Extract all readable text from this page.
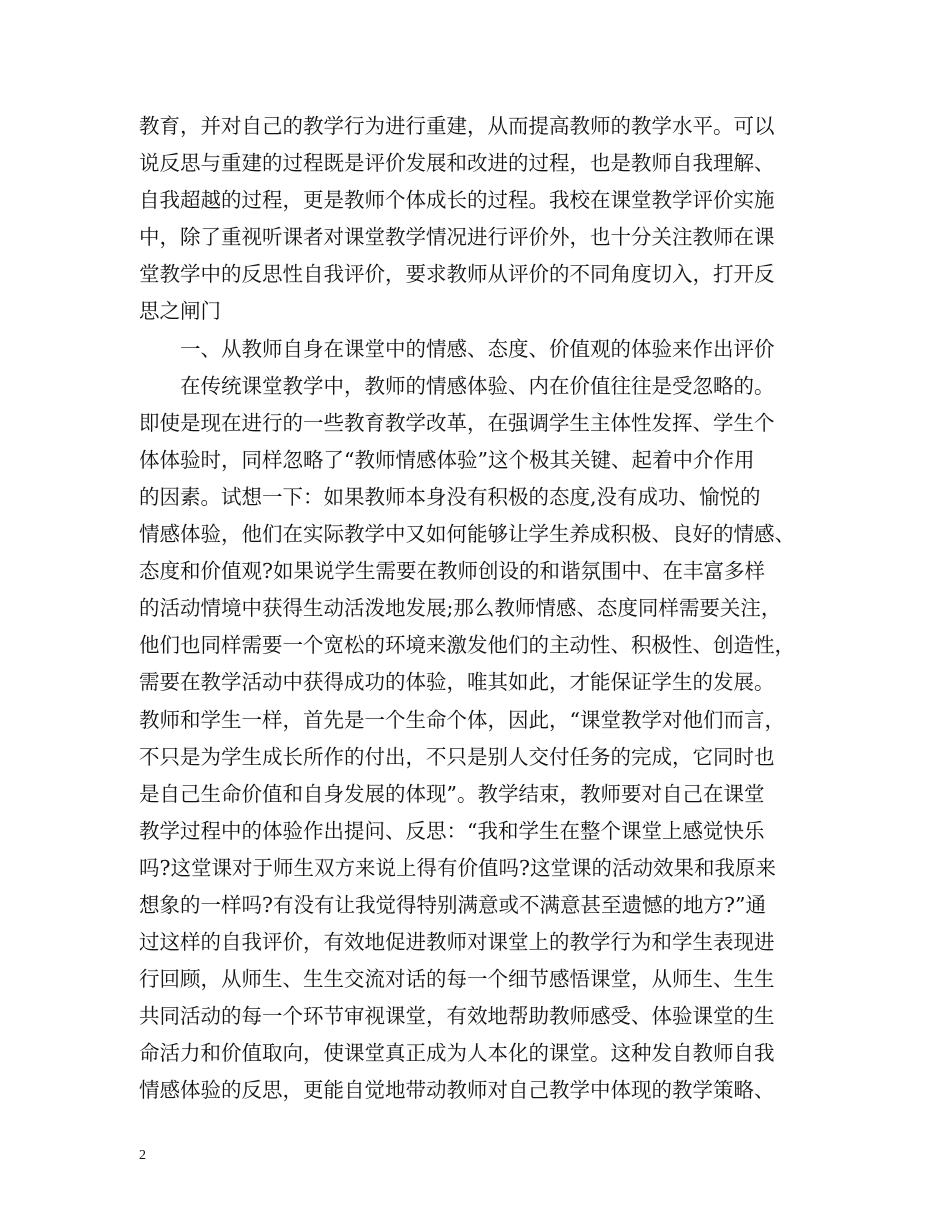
教育，并对自己的教学行为进行重建，从而提高教师的教学水平。可以
说反思与重建的过程既是评价发展和改进的过程，也是教师自我理解、
自我超越的过程，更是教师个体成长的过程。我校在课堂教学评价实施
中，除了重视听课者对课堂教学情况进行评价外，也十分关注教师在课
堂教学中的反思性自我评价，要求教师从评价的不同角度切入，打开反
思之闸门
一、从教师自身在课堂中的情感、态度、价值观的体验来作出评价
在传统课堂教学中，教师的情感体验、内在价值往往是受忽略的。
即使是现在进行的一些教育教学改革，在强调学生主体性发挥、学生个
体体验时，同样忽略了“教师情感体验”这个极其关键、起着中介作用
的因素。试想一下：如果教师本身没有积极的态度,没有成功、愉悦的
情感体验，他们在实际教学中又如何能够让学生养成积极、良好的情感、
态度和价值观?如果说学生需要在教师创设的和谐氛围中、在丰富多样
的活动情境中获得生动活泼地发展;那么教师情感、态度同样需要关注，
他们也同样需要一个宽松的环境来激发他们的主动性、积极性、创造性，
需要在教学活动中获得成功的体验，唯其如此，才能保证学生的发展。
教师和学生一样，首先是一个生命个体，因此，“课堂教学对他们而言，
不只是为学生成长所作的付出，不只是别人交付任务的完成，它同时也
是自己生命价值和自身发展的体现”。教学结束，教师要对自己在课堂
教学过程中的体验作出提问、反思：“我和学生在整个课堂上感觉快乐
吗?这堂课对于师生双方来说上得有价值吗?这堂课的活动效果和我原来
想象的一样吗?有没有让我觉得特别满意或不满意甚至遗憾的地方?”通
过这样的自我评价，有效地促进教师对课堂上的教学行为和学生表现进
行回顾，从师生、生生交流对话的每一个细节感悟课堂，从师生、生生
共同活动的每一个环节审视课堂，有效地帮助教师感受、体验课堂的生
命活力和价值取向，使课堂真正成为人本化的课堂。这种发自教师自我
情感体验的反思，更能自觉地带动教师对自己教学中体现的教学策略、
2
